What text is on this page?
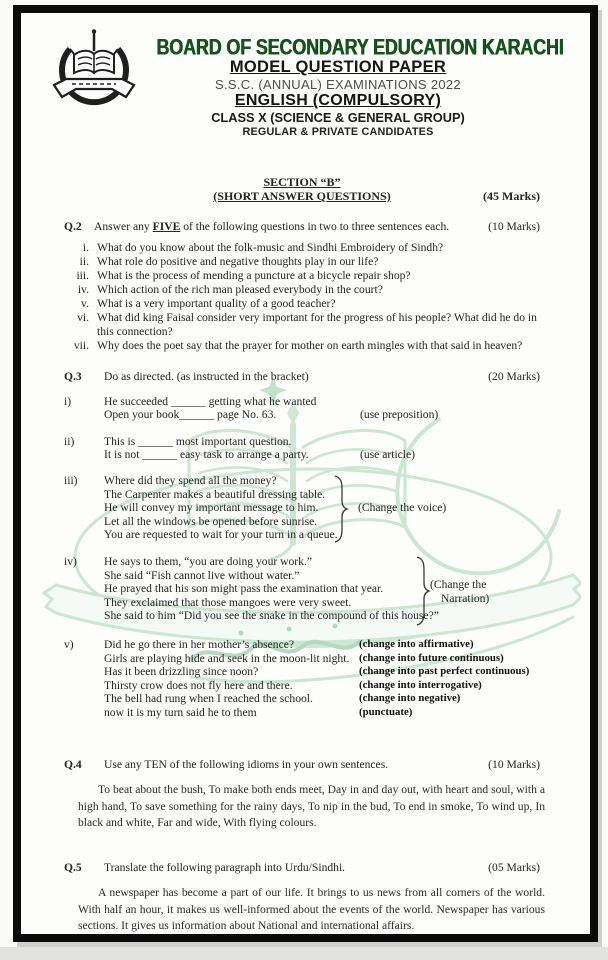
BOARD OF SECONDARY EDUCATION KARACHI
MODEL QUESTION PAPER
S.S.C. (ANNUAL) EXAMINATIONS 2022
ENGLISH (COMPULSORY)
CLASS X (SCIENCE & GENERAL GROUP)
REGULAR & PRIVATE CANDIDATES
SECTION “B”
(SHORT ANSWER QUESTIONS)	(45 Marks)
Q.2	Answer any FIVE of the following questions in two to three sentences each.	(10 Marks)
i. What do you know about the folk-music and Sindhi Embroidery of Sindh?
ii. What role do positive and negative thoughts play in our life?
iii. What is the process of mending a puncture at a bicycle repair shop?
iv. Which action of the rich man pleased everybody in the court?
v. What is a very important quality of a good teacher?
vi. What did king Faisal consider very important for the progress of his people? What did he do in this connection?
vii. Why does the poet say that the prayer for mother on earth mingles with that said in heaven?
Q.3	Do as directed. (as instructed in the bracket)	(20 Marks)
i)	He succeeded ______ getting what he wanted
Open your book______ page No. 63.	(use preposition)
ii)	This is ______ most important question.
It is not ______ easy task to arrange a party.	(use article)
iii)	Where did they spend all the money?
The Carpenter makes a beautiful dressing table.
He will convey my important message to him.
Let all the windows be opened before sunrise.
You are requested to wait for your turn in a queue.
(Change the voice)
iv)	He says to them, “you are doing your work.”
She said “Fish cannot live without water.”
He prayed that his son might pass the examination that year.
They exclaimed that those mangoes were very sweet.
She said to him “Did you see the snake in the compound of this house?”
(Change the
Narration)
v)	Did he go there in her mother’s absence?	(change into affirmative)
Girls are playing hide and seek in the moon-lit night. (change into future continuous)
Has it been drizzling since noon?	(change into past perfect continuous)
Thirsty crow does not fly here and there.	(change into interrogative)
The bell had rung when I reached the school.	(change into negative)
now it is my turn said he to them	(punctuate)
Q.4	Use any TEN of the following idioms in your own sentences.	(10 Marks)

To beat about the bush, To make both ends meet, Day in and day out, with heart and soul, with a high hand, To save something for the rainy days, To nip in the bud, To end in smoke, To wind up, In black and white, Far and wide, With flying colours.

Q.5	Translate the following paragraph into Urdu/Sindhi.	(05 Marks)

A newspaper has become a part of our life. It brings to us news from all corners of the world. With half an hour, it makes us well-informed about the events of the world. Newspaper has various sections. It gives us information about National and international affairs.
